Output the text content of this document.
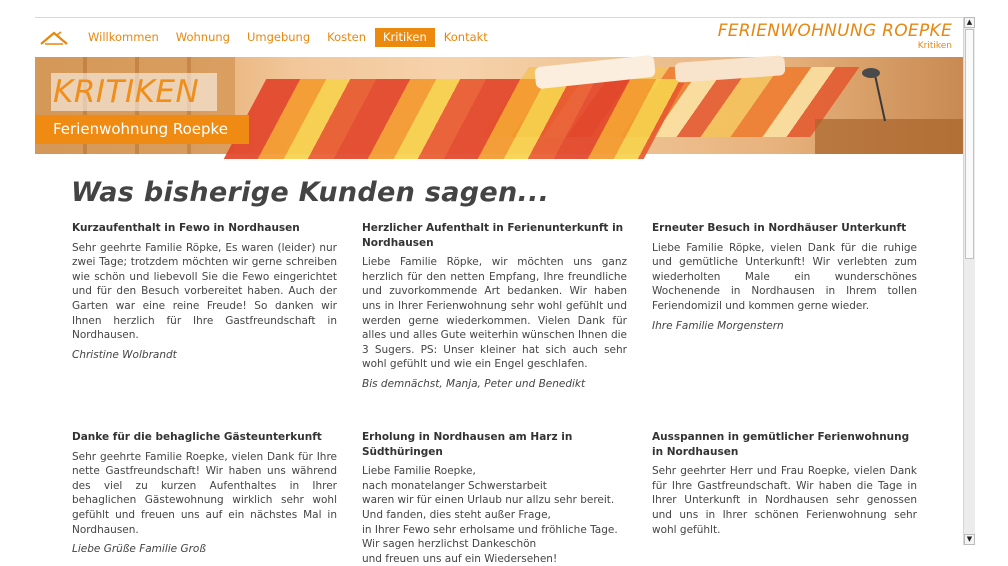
Willkommen	Wohnung	Umgebung	Kosten	Kritiken	Kontakt	FERIENWOHNUNG ROEPKE
Kritiken
KRITIKEN
Ferienwohnung Roepke
Was bisherige Kunden sagen...
Kurzaufenthalt in Fewo in Nordhausen
Sehr geehrte Familie Röpke, Es waren (leider) nur zwei Tage; trotzdem möchten wir gerne schreiben wie schön und liebevoll Sie die Fewo eingerichtet und für den Besuch vorbereitet haben. Auch der Garten war eine reine Freude! So danken wir Ihnen herzlich für Ihre Gastfreundschaft in Nordhausen.
Christine Wolbrandt
Herzlicher Aufenthalt in Ferienunterkunft in Nordhausen
Liebe Familie Röpke, wir möchten uns ganz herzlich für den netten Empfang, Ihre freundliche und zuvorkommende Art bedanken. Wir haben uns in Ihrer Ferienwohnung sehr wohl gefühlt und werden gerne wiederkommen. Vielen Dank für alles und alles Gute weiterhin wünschen Ihnen die 3 Sugers. PS: Unser kleiner hat sich auch sehr wohl gefühlt und wie ein Engel geschlafen.
Bis demnächst, Manja, Peter und Benedikt
Erneuter Besuch in Nordhäuser Unterkunft
Liebe Familie Röpke, vielen Dank für die ruhige und gemütliche Unterkunft! Wir verlebten zum wiederholten Male ein wunderschönes Wochenende in Nordhausen in Ihrem tollen Feriendomizil und kommen gerne wieder.
Ihre Familie Morgenstern
Danke für die behagliche Gästeunterkunft
Sehr geehrte Familie Roepke, vielen Dank für Ihre nette Gastfreundschaft! Wir haben uns während des viel zu kurzen Aufenthaltes in Ihrer behaglichen Gästewohnung wirklich sehr wohl gefühlt und freuen uns auf ein nächstes Mal in Nordhausen.
Liebe Grüße Familie Groß
Erholung in Nordhausen am Harz in Südthüringen
Liebe Familie Roepke,
nach monatelanger Schwerstarbeit
waren wir für einen Urlaub nur allzu sehr bereit.
Und fanden, dies steht außer Frage,
in Ihrer Fewo sehr erholsame und fröhliche Tage.
Wir sagen herzlichst Dankeschön
und freuen uns auf ein Wiedersehen!
Ausspannen in gemütlicher Ferienwohnung in Nordhausen
Sehr geehrter Herr und Frau Roepke, vielen Dank für Ihre Gastfreundschaft. Wir haben die Tage in Ihrer Unterkunft in Nordhausen sehr genossen und uns in Ihrer schönen Ferienwohnung sehr wohl gefühlt.
▲
▼
